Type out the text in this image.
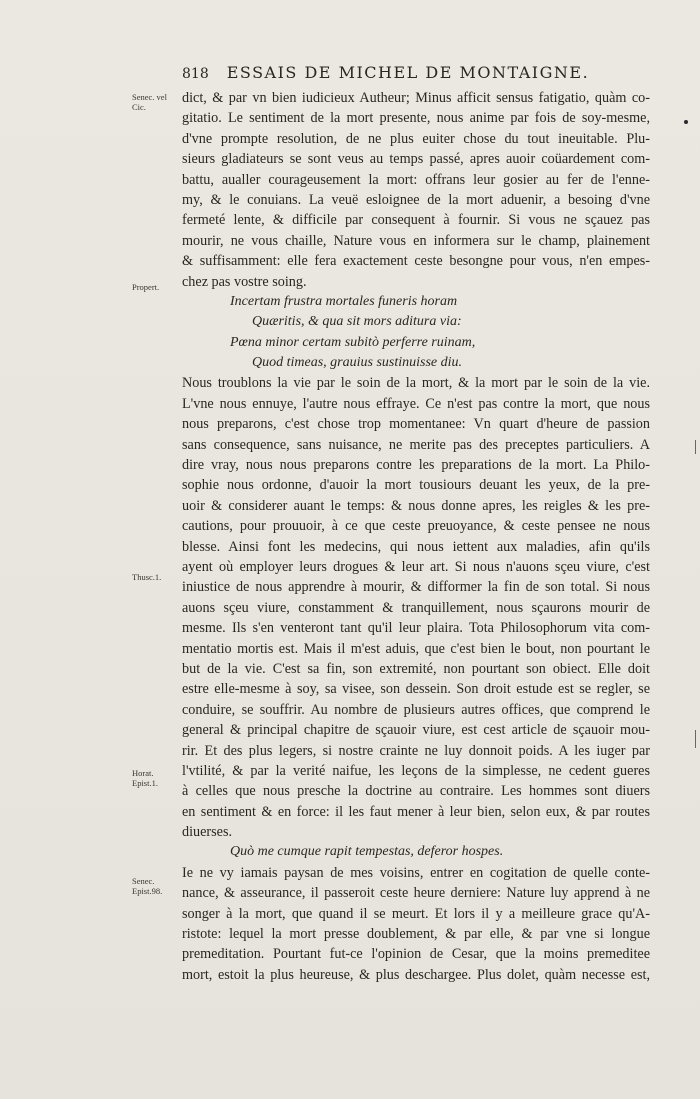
818 ESSAIS DE MICHEL DE MONTAIGNE.
Senec. vel Cic.
Propert.
Thusc.1.
Horat. Epist.1.
Senec. Epist.98.
dict, & par vn bien iudicieux Autheur; Minus afficit sensus fatigatio, quàm co-
gitatio. Le sentiment de la mort presente, nous anime par fois de soy-mesme,
d'vne prompte resolution, de ne plus euiter chose du tout ineuitable. Plu-
sieurs gladiateurs se sont veus au temps passé, apres auoir coüardement com-
battu, aualler courageusement la mort: offrans leur gosier au fer de l'enne-
my, & le conuians. La veuë esloignee de la mort aduenir, a besoing d'vne
fermeté lente, & difficile par consequent à fournir. Si vous ne sçauez pas
mourir, ne vous chaille, Nature vous en informera sur le champ, plainement
& suffisamment: elle fera exactement ceste besongne pour vous, n'en empes-
chez pas vostre soing.
Incertam frustra mortales funeris horam
Quæritis, & qua sit mors aditura via:
Pœna minor certam subitò perferre ruinam,
Quod timeas, grauius sustinuisse diu.
Nous troublons la vie par le soin de la mort, & la mort par le soin de la vie.
L'vne nous ennuye, l'autre nous effraye. Ce n'est pas contre la mort, que nous
nous preparons, c'est chose trop momentanee: Vn quart d'heure de passion
sans consequence, sans nuisance, ne merite pas des preceptes particuliers. A
dire vray, nous nous preparons contre les preparations de la mort. La Philo-
sophie nous ordonne, d'auoir la mort tousiours deuant les yeux, de la pre-
uoir & considerer auant le temps: & nous donne apres, les reigles & les pre-
cautions, pour prouuoir, à ce que ceste preuoyance, & ceste pensee ne nous
blesse. Ainsi font les medecins, qui nous iettent aux maladies, afin qu'ils
ayent où employer leurs drogues & leur art. Si nous n'auons sçeu viure, c'est
iniustice de nous apprendre à mourir, & difformer la fin de son total. Si nous
auons sçeu viure, constamment & tranquillement, nous sçaurons mourir de
mesme. Ils s'en venteront tant qu'il leur plaira. Tota Philosophorum vita com-
mentatio mortis est. Mais il m'est aduis, que c'est bien le bout, non pourtant le
but de la vie. C'est sa fin, son extremité, non pourtant son obiect. Elle doit
estre elle-mesme à soy, sa visee, son dessein. Son droit estude est se regler, se
conduire, se souffrir. Au nombre de plusieurs autres offices, que comprend le
general & principal chapitre de sçauoir viure, est cest article de sçauoir mou-
rir. Et des plus legers, si nostre crainte ne luy donnoit poids. A les iuger par
l'vtilité, & par la verité naifue, les leçons de la simplesse, ne cedent gueres
à celles que nous presche la doctrine au contraire. Les hommes sont diuers
en sentiment & en force: il les faut mener à leur bien, selon eux, & par routes
diuerses.
Quò me cumque rapit tempestas, deferor hospes.
Ie ne vy iamais paysan de mes voisins, entrer en cogitation de quelle conte-
nance, & asseurance, il passeroit ceste heure derniere: Nature luy apprend à ne
songer à la mort, que quand il se meurt. Et lors il y a meilleure grace qu'A-
ristote: lequel la mort presse doublement, & par elle, & par vne si longue
premeditation. Pourtant fut-ce l'opinion de Cesar, que la moins premeditee
mort, estoit la plus heureuse, & plus deschargee. Plus dolet, quàm necesse est,
